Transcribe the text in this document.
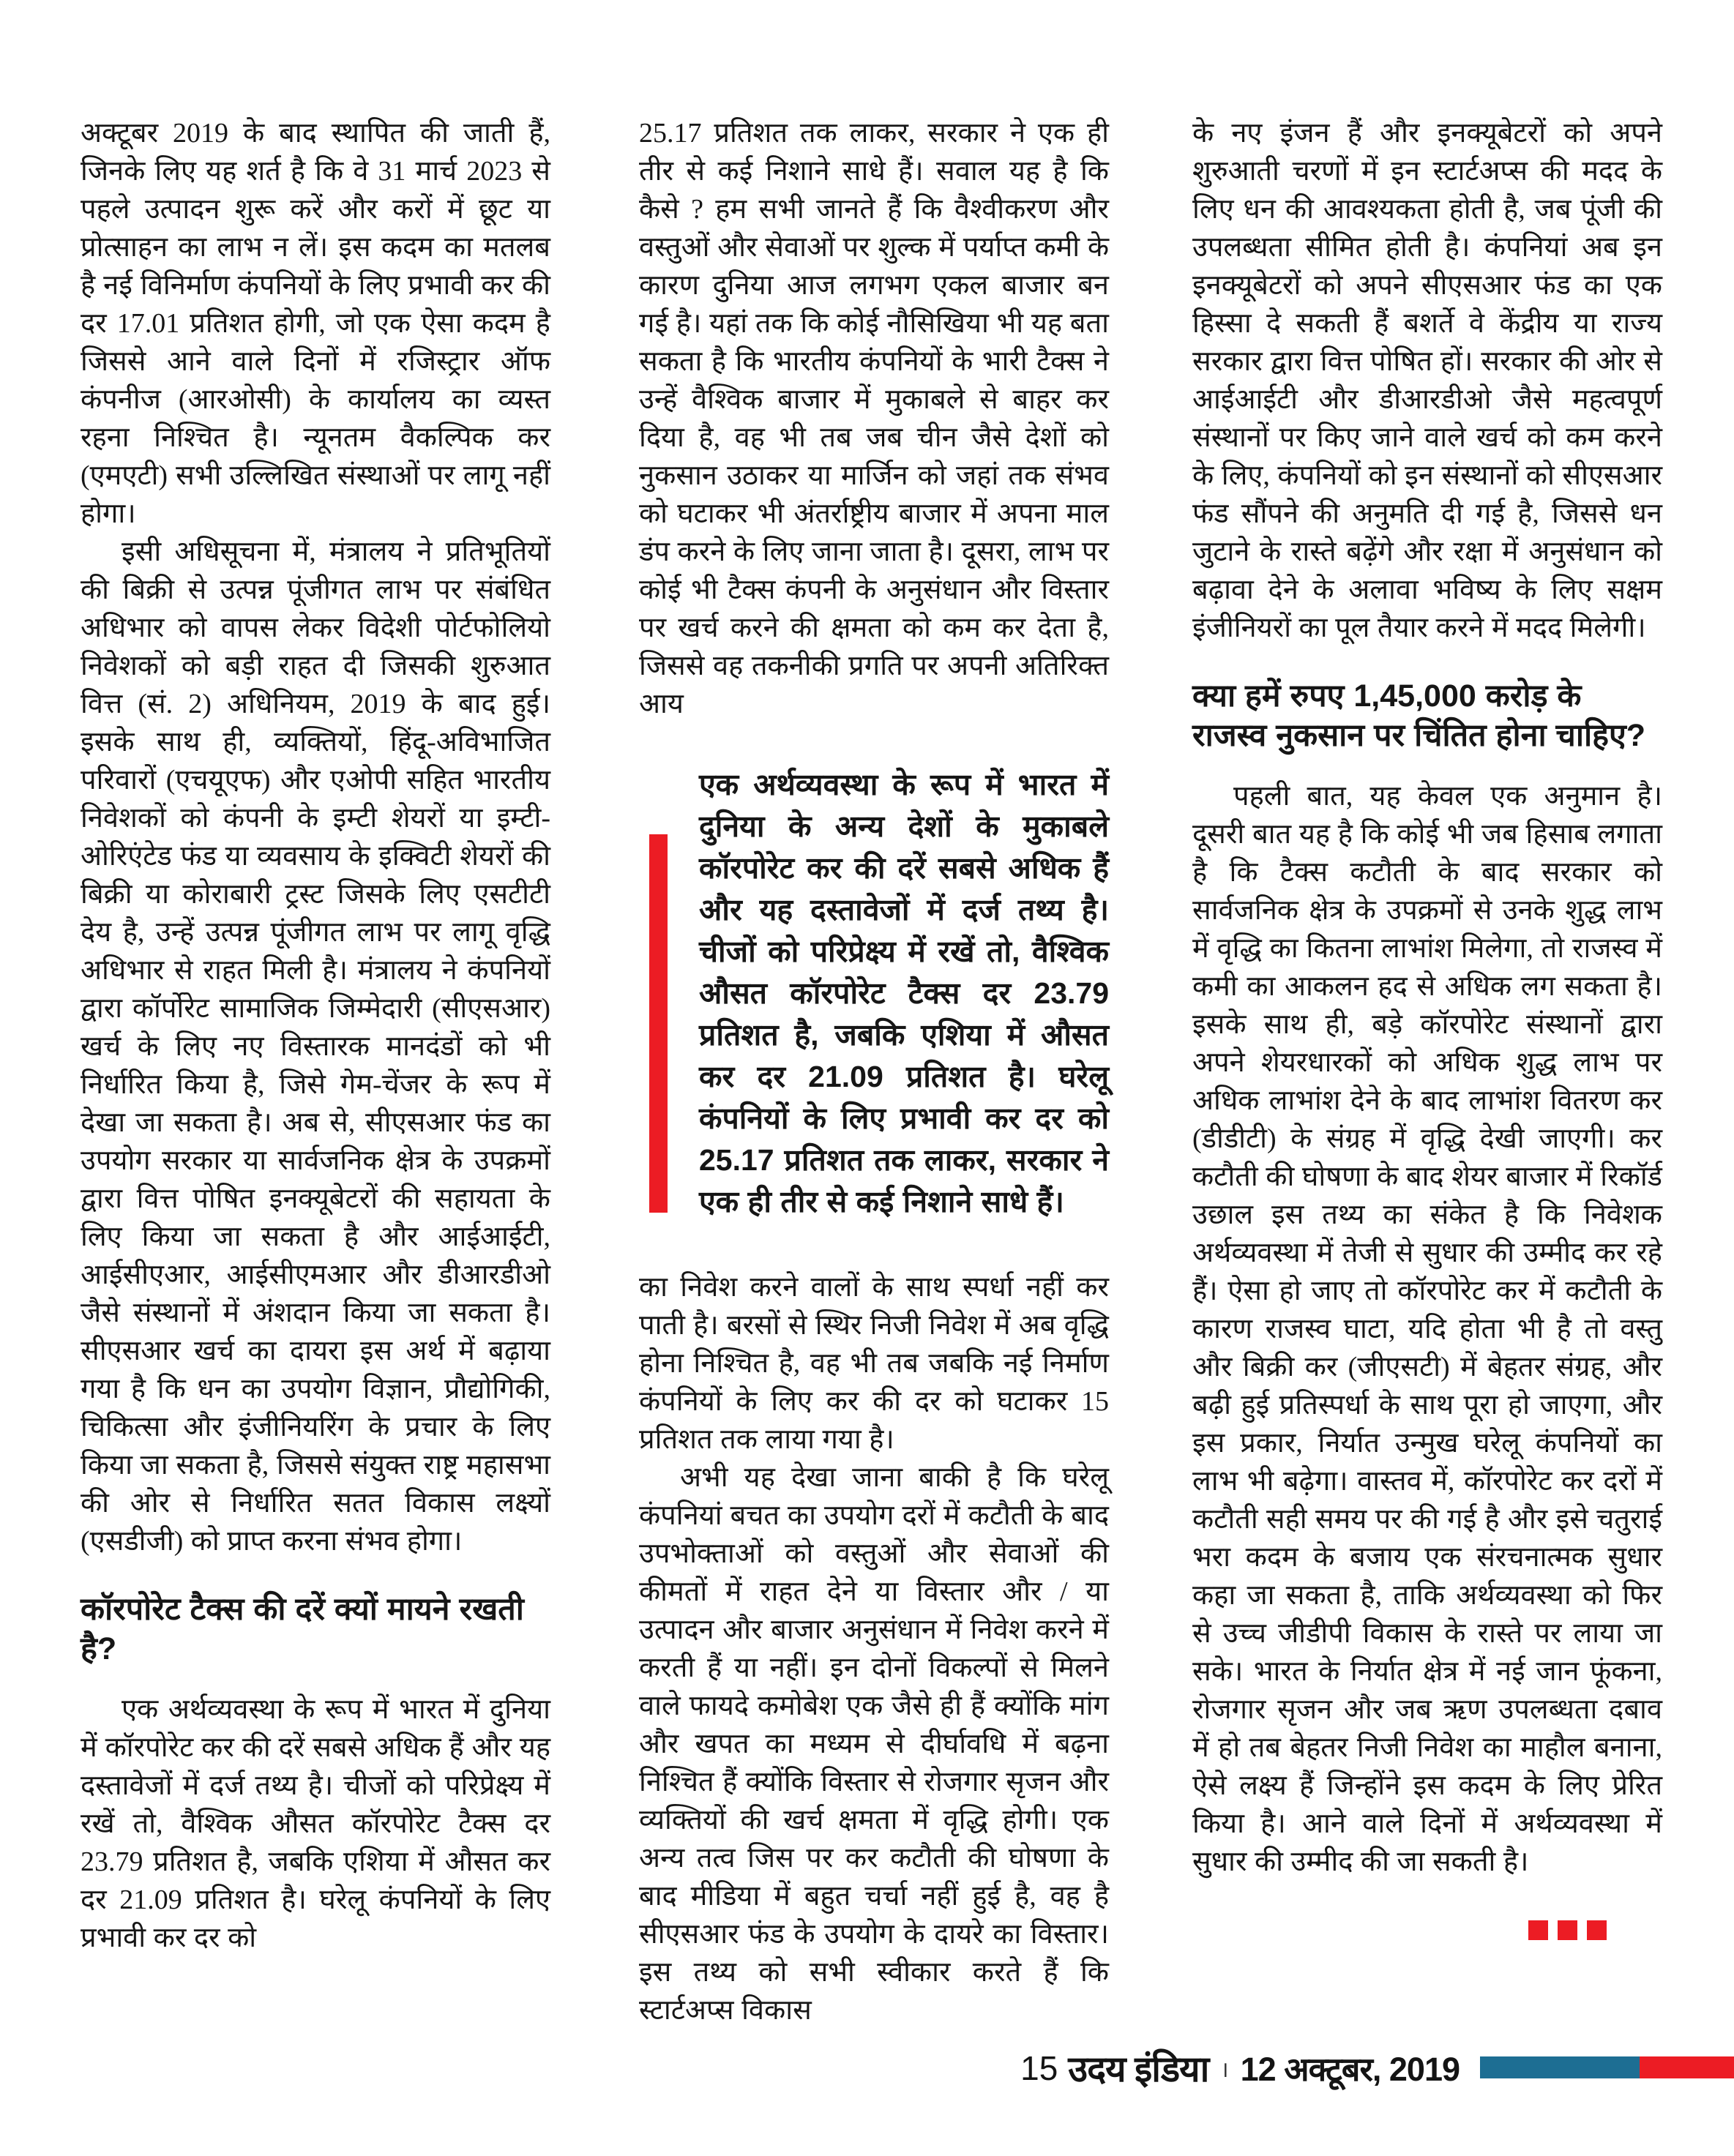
अक्टूबर 2019 के बाद स्थापित की जाती हैं, जिनके लिए यह शर्त है कि वे 31 मार्च 2023 से पहले उत्पादन शुरू करें और करों में छूट या प्रोत्साहन का लाभ न लें। इस कदम का मतलब है नई विनिर्माण कंपनियों के लिए प्रभावी कर की दर 17.01 प्रतिशत होगी, जो एक ऐसा कदम है जिससे आने वाले दिनों में रजिस्ट्रार ऑफ कंपनीज (आरओसी) के कार्यालय का व्यस्त रहना निश्चित है। न्यूनतम वैकल्पिक कर (एमएटी) सभी उल्लिखित संस्थाओं पर लागू नहीं होगा।

इसी अधिसूचना में, मंत्रालय ने प्रतिभूतियों की बिक्री से उत्पन्न पूंजीगत लाभ पर संबंधित अधिभार को वापस लेकर विदेशी पोर्टफोलियो निवेशकों को बड़ी राहत दी जिसकी शुरुआत वित्त (सं. 2) अधिनियम, 2019 के बाद हुई। इसके साथ ही, व्यक्तियों, हिंदू-अविभाजित परिवारों (एचयूएफ) और एओपी सहित भारतीय निवेशकों को कंपनी के इम्टी शेयरों या इम्टी-ओरिएंटेड फंड या व्यवसाय के इक्विटी शेयरों की बिक्री या कोराबारी ट्रस्ट जिसके लिए एसटीटी देय है, उन्हें उत्पन्न पूंजीगत लाभ पर लागू वृद्धि अधिभार से राहत मिली है। मंत्रालय ने कंपनियों द्वारा कॉर्पोरेट सामाजिक जिम्मेदारी (सीएसआर) खर्च के लिए नए विस्तारक मानदंडों को भी निर्धारित किया है, जिसे गेम-चेंजर के रूप में देखा जा सकता है। अब से, सीएसआर फंड का उपयोग सरकार या सार्वजनिक क्षेत्र के उपक्रमों द्वारा वित्त पोषित इनक्यूबेटरों की सहायता के लिए किया जा सकता है और आईआईटी, आईसीएआर, आईसीएमआर और डीआरडीओ जैसे संस्थानों में अंशदान किया जा सकता है। सीएसआर खर्च का दायरा इस अर्थ में बढ़ाया गया है कि धन का उपयोग विज्ञान, प्रौद्योगिकी, चिकित्सा और इंजीनियरिंग के प्रचार के लिए किया जा सकता है, जिससे संयुक्त राष्ट्र महासभा की ओर से निर्धारित सतत विकास लक्ष्यों (एसडीजी) को प्राप्त करना संभव होगा।

कॉरपोरेट टैक्स की दरें क्यों मायने रखती है?

एक अर्थव्यवस्था के रूप में भारत में दुनिया में कॉरपोरेट कर की दरें सबसे अधिक हैं और यह दस्तावेजों में दर्ज तथ्य है। चीजों को परिप्रेक्ष्य में रखें तो, वैश्विक औसत कॉरपोरेट टैक्स दर 23.79 प्रतिशत है, जबकि एशिया में औसत कर दर 21.09 प्रतिशत है। घरेलू कंपनियों के लिए प्रभावी कर दर को

25.17 प्रतिशत तक लाकर, सरकार ने एक ही तीर से कई निशाने साधे हैं। सवाल यह है कि कैसे ? हम सभी जानते हैं कि वैश्वीकरण और वस्तुओं और सेवाओं पर शुल्क में पर्याप्त कमी के कारण दुनिया आज लगभग एकल बाजार बन गई है। यहां तक कि कोई नौसिखिया भी यह बता सकता है कि भारतीय कंपनियों के भारी टैक्स ने उन्हें वैश्विक बाजार में मुकाबले से बाहर कर दिया है, वह भी तब जब चीन जैसे देशों को नुकसान उठाकर या मार्जिन को जहां तक संभव को घटाकर भी अंतर्राष्ट्रीय बाजार में अपना माल डंप करने के लिए जाना जाता है। दूसरा, लाभ पर कोई भी टैक्स कंपनी के अनुसंधान और विस्तार पर खर्च करने की क्षमता को कम कर देता है, जिससे वह तकनीकी प्रगति पर अपनी अतिरिक्त आय

एक अर्थव्यवस्था के रूप में भारत में दुनिया के अन्य देशों के मुकाबले कॉरपोरेट कर की दरें सबसे अधिक हैं और यह दस्तावेजों में दर्ज तथ्य है। चीजों को परिप्रेक्ष्य में रखें तो, वैश्विक औसत कॉरपोरेट टैक्स दर 23.79 प्रतिशत है, जबकि एशिया में औसत कर दर 21.09 प्रतिशत है। घरेलू कंपनियों के लिए प्रभावी कर दर को 25.17 प्रतिशत तक लाकर, सरकार ने एक ही तीर से कई निशाने साधे हैं।

का निवेश करने वालों के साथ स्पर्धा नहीं कर पाती है। बरसों से स्थिर निजी निवेश में अब वृद्धि होना निश्चित है, वह भी तब जबकि नई निर्माण कंपनियों के लिए कर की दर को घटाकर 15 प्रतिशत तक लाया गया है।

अभी यह देखा जाना बाकी है कि घरेलू कंपनियां बचत का उपयोग दरों में कटौती के बाद उपभोक्ताओं को वस्तुओं और सेवाओं की कीमतों में राहत देने या विस्तार और / या उत्पादन और बाजार अनुसंधान में निवेश करने में करती हैं या नहीं। इन दोनों विकल्पों से मिलने वाले फायदे कमोबेश एक जैसे ही हैं क्योंकि मांग और खपत का मध्यम से दीर्घावधि में बढ़ना निश्चित हैं क्योंकि विस्तार से रोजगार सृजन और व्यक्तियों की खर्च क्षमता में वृद्धि होगी। एक अन्य तत्व जिस पर कर कटौती की घोषणा के बाद मीडिया में बहुत चर्चा नहीं हुई है, वह है सीएसआर फंड के उपयोग के दायरे का विस्तार। इस तथ्य को सभी स्वीकार करते हैं कि स्टार्टअप्स विकास

के नए इंजन हैं और इनक्यूबेटरों को अपने शुरुआती चरणों में इन स्टार्टअप्स की मदद के लिए धन की आवश्यकता होती है, जब पूंजी की उपलब्धता सीमित होती है। कंपनियां अब इन इनक्यूबेटरों को अपने सीएसआर फंड का एक हिस्सा दे सकती हैं बशर्ते वे केंद्रीय या राज्य सरकार द्वारा वित्त पोषित हों। सरकार की ओर से आईआईटी और डीआरडीओ जैसे महत्वपूर्ण संस्थानों पर किए जाने वाले खर्च को कम करने के लिए, कंपनियों को इन संस्थानों को सीएसआर फंड सौंपने की अनुमति दी गई है, जिससे धन जुटाने के रास्ते बढ़ेंगे और रक्षा में अनुसंधान को बढ़ावा देने के अलावा भविष्य के लिए सक्षम इंजीनियरों का पूल तैयार करने में मदद मिलेगी।

क्या हमें रुपए 1,45,000 करोड़ के राजस्व नुकसान पर चिंतित होना चाहिए?

पहली बात, यह केवल एक अनुमान है। दूसरी बात यह है कि कोई भी जब हिसाब लगाता है कि टैक्स कटौती के बाद सरकार को सार्वजनिक क्षेत्र के उपक्रमों से उनके शुद्ध लाभ में वृद्धि का कितना लाभांश मिलेगा, तो राजस्व में कमी का आकलन हद से अधिक लग सकता है। इसके साथ ही, बड़े कॉरपोरेट संस्थानों द्वारा अपने शेयरधारकों को अधिक शुद्ध लाभ पर अधिक लाभांश देने के बाद लाभांश वितरण कर (डीडीटी) के संग्रह में वृद्धि देखी जाएगी। कर कटौती की घोषणा के बाद शेयर बाजार में रिकॉर्ड उछाल इस तथ्य का संकेत है कि निवेशक अर्थव्यवस्था में तेजी से सुधार की उम्मीद कर रहे हैं। ऐसा हो जाए तो कॉरपोरेट कर में कटौती के कारण राजस्व घाटा, यदि होता भी है तो वस्तु और बिक्री कर (जीएसटी) में बेहतर संग्रह, और बढ़ी हुई प्रतिस्पर्धा के साथ पूरा हो जाएगा, और इस प्रकार, निर्यात उन्मुख घरेलू कंपनियों का लाभ भी बढ़ेगा। वास्तव में, कॉरपोरेट कर दरों में कटौती सही समय पर की गई है और इसे चतुराई भरा कदम के बजाय एक संरचनात्मक सुधार कहा जा सकता है, ताकि अर्थव्यवस्था को फिर से उच्च जीडीपी विकास के रास्ते पर लाया जा सके। भारत के निर्यात क्षेत्र में नई जान फूंकना, रोजगार सृजन और जब ऋण उपलब्धता दबाव में हो तब बेहतर निजी निवेश का माहौल बनाना, ऐसे लक्ष्य हैं जिन्होंने इस कदम के लिए प्रेरित किया है। आने वाले दिनों में अर्थव्यवस्था में सुधार की उम्मीद की जा सकती है।

15 उदय इंडिया । 12 अक्टूबर, 2019
